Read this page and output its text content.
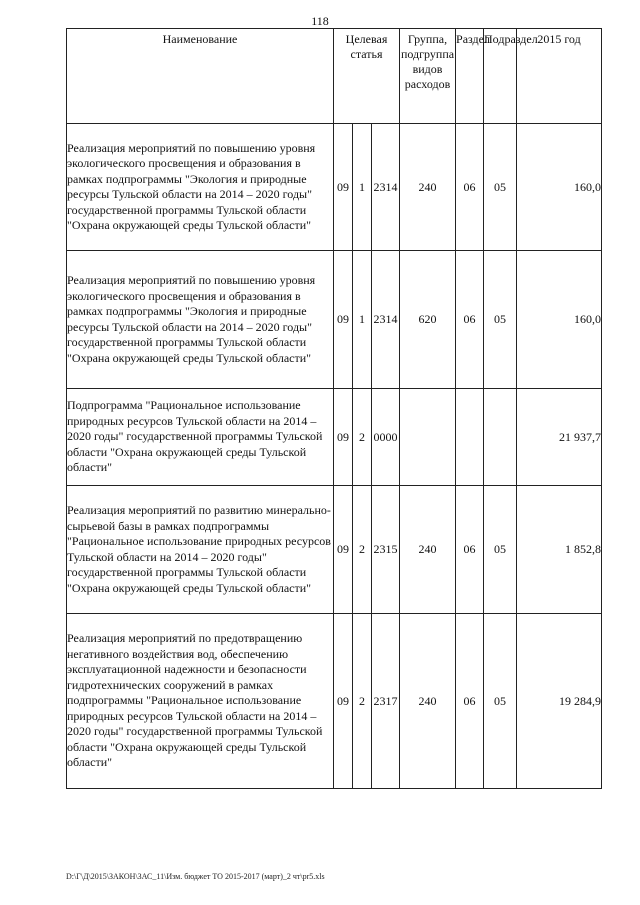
118
Наименование	Целевая статья			Группа, подгруппа видов расходов	Раздел	Подраздел	2015 год
Реализация мероприятий по повышению уровня экологического просвещения и образования в рамках подпрограммы "Экология и природные ресурсы Тульской области на 2014 – 2020 годы" государственной программы Тульской области "Охрана окружающей среды Тульской области"	09	1	2314	240	06	05	160,0
Реализация мероприятий по повышению уровня экологического просвещения и образования в рамках подпрограммы "Экология и природные ресурсы Тульской области на 2014 – 2020 годы" государственной программы Тульской области "Охрана окружающей среды Тульской области"	09	1	2314	620	06	05	160,0
Подпрограмма "Рациональное использование природных ресурсов Тульской области на 2014 – 2020 годы" государственной программы Тульской области "Охрана окружающей среды Тульской области"	09	2	0000				21 937,7
Реализация мероприятий по развитию минерально-сырьевой базы в рамках подпрограммы "Рациональное использование природных ресурсов Тульской области на 2014 – 2020 годы" государственной программы Тульской области "Охрана окружающей среды Тульской области"	09	2	2315	240	06	05	1 852,8
Реализация мероприятий по предотвращению негативного воздействия вод, обеспечению эксплуатационной надежности и безопасности гидротехнических сооружений в рамках подпрограммы "Рациональное использование природных ресурсов Тульской области на 2014 – 2020 годы" государственной программы Тульской области "Охрана окружающей среды Тульской области"	09	2	2317	240	06	05	19 284,9
D:\Г\Д\2015\ЗАКОН\ЗАС_11\Изм. бюджет ТО 2015-2017 (март)_2 чт\pr5.xls
